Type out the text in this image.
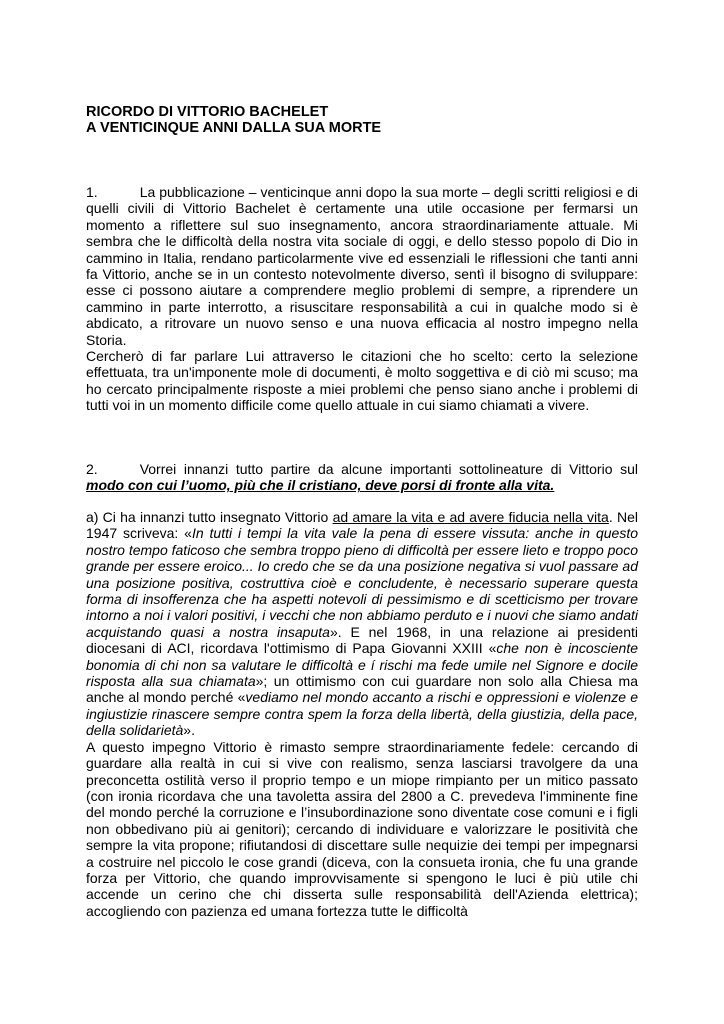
RICORDO DI VITTORIO BACHELET
A VENTICINQUE ANNI DALLA SUA MORTE

1.	La pubblicazione – venticinque anni dopo la sua morte – degli scritti religiosi e di quelli civili di Vittorio Bachelet è certamente una utile occasione per fermarsi un momento a riflettere sul suo insegnamento, ancora straordinariamente attuale. Mi sembra che le difficoltà della nostra vita sociale di oggi, e dello stesso popolo di Dio in cammino in Italia, rendano particolarmente vive ed essenziali le riflessioni che tanti anni fa Vittorio, anche se in un contesto notevolmente diverso, sentì il bisogno di sviluppare: esse ci possono aiutare a comprendere meglio problemi di sempre, a riprendere un cammino in parte interrotto, a risuscitare responsabilità a cui in qualche modo si è abdicato, a ritrovare un nuovo senso e una nuova efficacia al nostro impegno nella Storia.

Cercherò di far parlare Lui attraverso le citazioni che ho scelto: certo la selezione effettuata, tra un'imponente mole di documenti, è molto soggettiva e di ciò mi scuso; ma ho cercato principalmente risposte a miei problemi che penso siano anche i problemi di tutti voi in un momento difficile come quello attuale in cui siamo chiamati a vivere.

2.	Vorrei innanzi tutto partire da alcune importanti sottolineature di Vittorio sul

modo con cui l’uomo, più che il cristiano, deve porsi di fronte alla vita.

a) Ci ha innanzi tutto insegnato Vittorio ad amare la vita e ad avere fiducia nella vita. Nel 1947 scriveva: «In tutti i tempi la vita vale la pena di essere vissuta: anche in questo nostro tempo faticoso che sembra troppo pieno di difficoltà per essere lieto e troppo poco grande per essere eroico... Io credo che se da una posizione negativa si vuol passare ad una posizione positiva, costruttiva cioè e concludente, è necessario superare questa forma di insofferenza che ha aspetti notevoli di pessimismo e di scetticismo per trovare intorno a noi i valori positivi, i vecchi che non abbiamo perduto e i nuovi che siamo andati acquistando quasi a nostra insaputa». E nel 1968, in una relazione ai presidenti diocesani di ACI, ricordava l'ottimismo di Papa Giovanni XXIII «che non è incosciente bonomia di chi non sa valutare le difficoltà e í rischi ma fede umile nel Signore e docile risposta alla sua chiamata»; un ottimismo con cui guardare non solo alla Chiesa ma anche al mondo perché «vediamo nel mondo accanto a rischi e oppressioni e violenze e ingiustizie rinascere sempre contra spem la forza della libertà, della giustizia, della pace, della solidarietà».

A questo impegno Vittorio è rimasto sempre straordinariamente fedele: cercando di guardare alla realtà in cui si vive con realismo, senza lasciarsi travolgere da una preconcetta ostilità verso il proprio tempo e un miope rimpianto per un mitico passato (con ironia ricordava che una tavoletta assira del 2800 a C. prevedeva l'imminente fine del mondo perché la corruzione e l’insubordinazione sono diventate cose comuni e i figli non obbedivano più ai genitori); cercando di individuare e valorizzare le positività che sempre la vita propone; rifiutandosi di discettare sulle nequizie dei tempi per impegnarsi a costruire nel piccolo le cose grandi (diceva, con la consueta ironia, che fu una grande forza per Vittorio, che quando improvvisamente si spengono le luci è più utile chi accende un cerino che chi disserta sulle responsabilità dell'Azienda elettrica); accogliendo con pazienza ed umana fortezza tutte le difficoltà
